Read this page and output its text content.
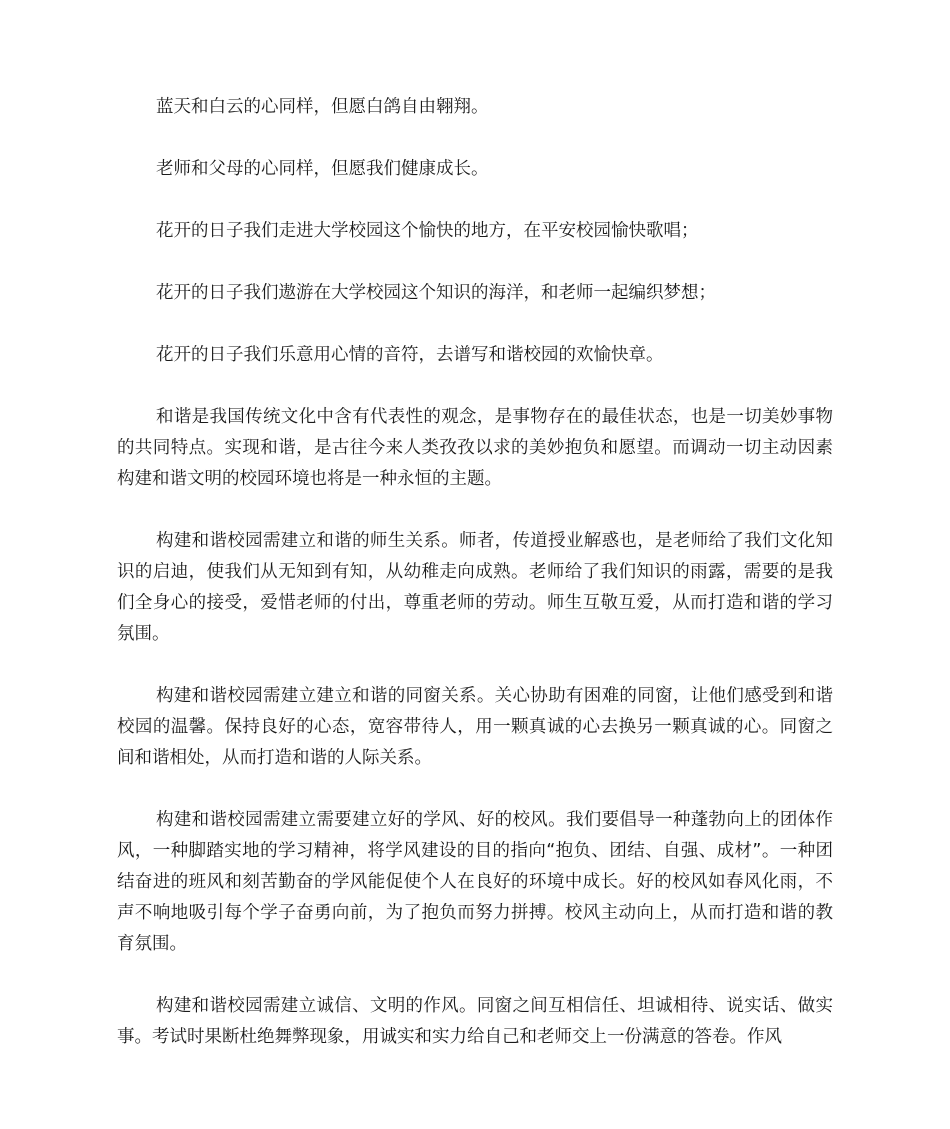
蓝天和白云的心同样，但愿白鸽自由翱翔。

老师和父母的心同样，但愿我们健康成长。

花开的日子我们走进大学校园这个愉快的地方，在平安校园愉快歌唱；

花开的日子我们遨游在大学校园这个知识的海洋，和老师一起编织梦想；

花开的日子我们乐意用心情的音符，去谱写和谐校园的欢愉快章。

和谐是我国传统文化中含有代表性的观念，是事物存在的最佳状态，也是一切美妙事物的共同特点。实现和谐，是古往今来人类孜孜以求的美妙抱负和愿望。而调动一切主动因素构建和谐文明的校园环境也将是一种永恒的主题。

构建和谐校园需建立和谐的师生关系。师者，传道授业解惑也，是老师给了我们文化知识的启迪，使我们从无知到有知，从幼稚走向成熟。老师给了我们知识的雨露，需要的是我们全身心的接受，爱惜老师的付出，尊重老师的劳动。师生互敬互爱，从而打造和谐的学习氛围。

构建和谐校园需建立建立和谐的同窗关系。关心协助有困难的同窗，让他们感受到和谐校园的温馨。保持良好的心态，宽容带待人，用一颗真诚的心去换另一颗真诚的心。同窗之间和谐相处，从而打造和谐的人际关系。

构建和谐校园需建立需要建立好的学风、好的校风。我们要倡导一种蓬勃向上的团体作风，一种脚踏实地的学习精神，将学风建设的目的指向“抱负、团结、自强、成材”。一种团结奋进的班风和刻苦勤奋的学风能促使个人在良好的环境中成长。好的校风如春风化雨，不声不响地吸引每个学子奋勇向前，为了抱负而努力拼搏。校风主动向上，从而打造和谐的教育氛围。

构建和谐校园需建立诚信、文明的作风。同窗之间互相信任、坦诚相待、说实话、做实事。考试时果断杜绝舞弊现象，用诚实和实力给自己和老师交上一份满意的答卷。作风
